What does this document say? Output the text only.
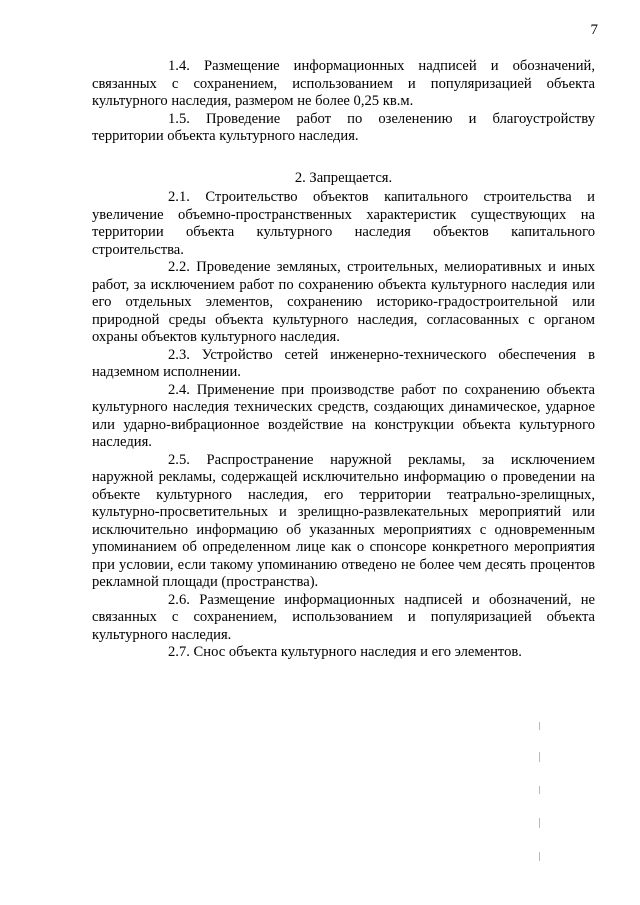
7

1.4. Размещение информационных надписей и обозначений, связанных с сохранением, использованием и популяризацией объекта культурного наследия, размером не более 0,25 кв.м.

1.5. Проведение работ по озеленению и благоустройству территории объекта культурного наследия.

2. Запрещается.

2.1. Строительство объектов капитального строительства и увеличение объемно-пространственных характеристик существующих на территории объекта культурного наследия объектов капитального строительства.

2.2. Проведение земляных, строительных, мелиоративных и иных работ, за исключением работ по сохранению объекта культурного наследия или его отдельных элементов, сохранению историко-градостроительной или природной среды объекта культурного наследия, согласованных с органом охраны объектов культурного наследия.

2.3. Устройство сетей инженерно-технического обеспечения в надземном исполнении.

2.4. Применение при производстве работ по сохранению объекта культурного наследия технических средств, создающих динамическое, ударное или ударно-вибрационное воздействие на конструкции объекта культурного наследия.

2.5. Распространение наружной рекламы, за исключением наружной рекламы, содержащей исключительно информацию о проведении на объекте культурного наследия, его территории театрально-зрелищных, культурно-просветительных и зрелищно-развлекательных мероприятий или исключительно информацию об указанных мероприятиях с одновременным упоминанием об определенном лице как о спонсоре конкретного мероприятия при условии, если такому упоминанию отведено не более чем десять процентов рекламной площади (пространства).

2.6. Размещение информационных надписей и обозначений, не связанных с сохранением, использованием и популяризацией объекта культурного наследия.

2.7. Снос объекта культурного наследия и его элементов.
